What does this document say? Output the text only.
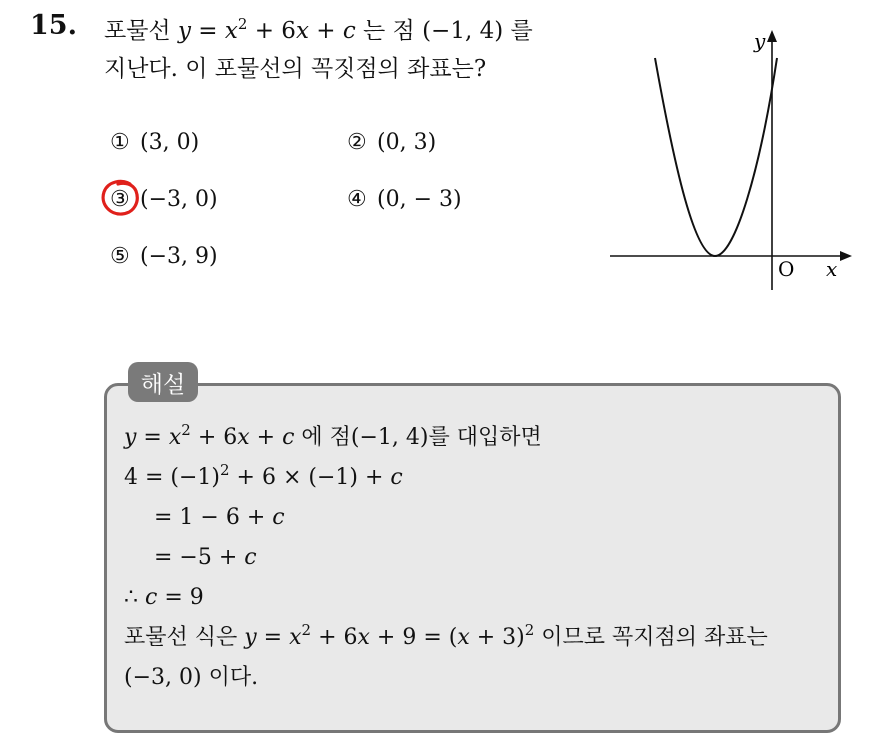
15. 포물선 $y = x^2 + 6x + c$ 는 점 (−1, 4) 를
지난다. 이 포물선의 꼭짓점의 좌표는?
① (3, 0)	② (0, 3)
③ (−3, 0)	④ (0, − 3)
⑤ (−3, 9)
y
x
O
해설
$y = x^2 + 6x + c$ 에 점(−1, 4)를 대입하면
$4 = (-1)^2 + 6 \times (-1) + c$
= 1 − 6 + c
= −5 + c
∴ c = 9
포물선 식은 $y = x^2 + 6x + 9 = (x + 3)^2$ 이므로 꼭지점의 좌표는
(−3, 0) 이다.
